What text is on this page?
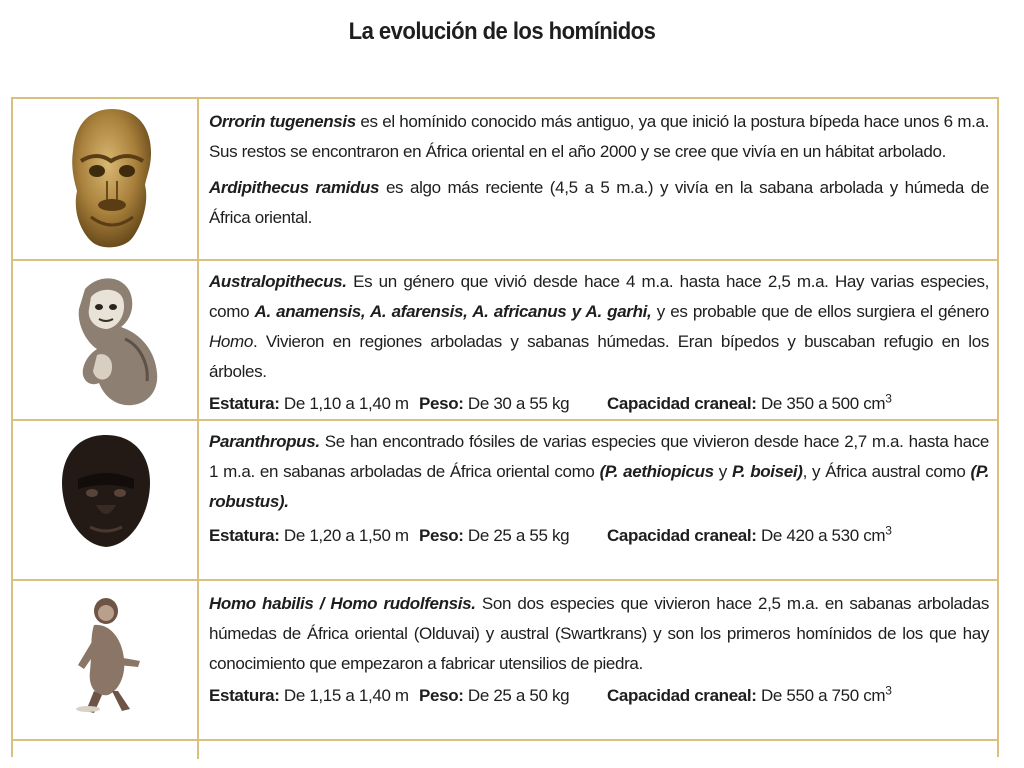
La evolución de los homínidos

Orrorin tugenensis es el homínido conocido más antiguo, ya que inició la postura bípeda hace unos 6 m.a. Sus restos se encontraron en África oriental en el año 2000 y se cree que vivía en un hábitat arbolado.

Ardipithecus ramidus es algo más reciente (4,5 a 5 m.a.) y vivía en la sabana arbolada y húmeda de África oriental.

Australopithecus. Es un género que vivió desde hace 4 m.a. hasta hace 2,5 m.a. Hay varias especies, como A. anamensis, A. afarensis, A. africanus y A. garhi, y es probable que de ellos surgiera el género Homo. Vivieron en regiones arboladas y sabanas húmedas. Eran bípedos y buscaban refugio en los árboles.

Estatura: De 1,10 a 1,40 m Peso: De 30 a 55 kg Capacidad craneal: De 350 a 500 $cm^3$

Paranthropus. Se han encontrado fósiles de varias especies que vivieron desde hace 2,7 m.a. hasta hace 1 m.a. en sabanas arboladas de África oriental como (P. aethiopicus y P. boisei), y África austral como (P. robustus).

Estatura: De 1,20 a 1,50 m Peso: De 25 a 55 kg Capacidad craneal: De 420 a 530 $cm^3$

Homo habilis / Homo rudolfensis. Son dos especies que vivieron hace 2,5 m.a. en sabanas arboladas húmedas de África oriental (Olduvai) y austral (Swartkrans) y son los primeros homínidos de los que hay conocimiento que empezaron a fabricar utensilios de piedra.

Estatura: De 1,15 a 1,40 m Peso: De 25 a 50 kg Capacidad craneal: De 550 a 750 $cm^3$
